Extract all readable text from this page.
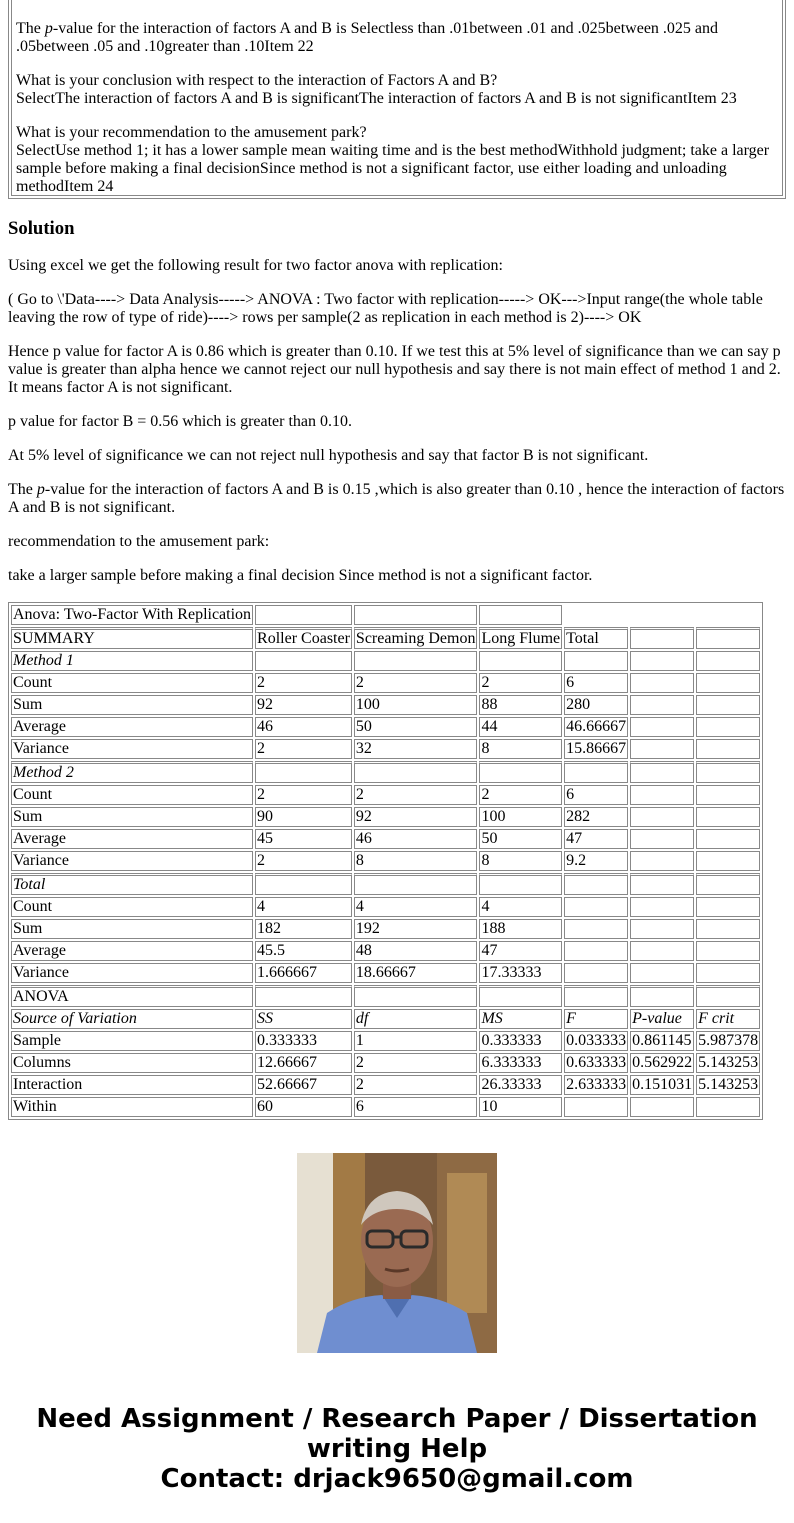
The p-value for the interaction of factors A and B is Selectless than .01between .01 and .025between .025 and .05between .05 and .10greater than .10Item 22

What is your conclusion with respect to the interaction of Factors A and B?
SelectThe interaction of factors A and B is significantThe interaction of factors A and B is not significantItem 23

What is your recommendation to the amusement park?
SelectUse method 1; it has a lower sample mean waiting time and is the best methodWithhold judgment; take a larger sample before making a final decisionSince method is not a significant factor, use either loading and unloading methodItem 24

Solution

Using excel we get the following result for two factor anova with replication:

( Go to \'Data----> Data Analysis-----> ANOVA : Two factor with replication-----> OK--->Input range(the whole table leaving the row of type of ride)----> rows per sample(2 as replication in each method is 2)----> OK

Hence p value for factor A is 0.86 which is greater than 0.10. If we test this at 5% level of significance than we can say p value is greater than alpha hence we cannot reject our null hypothesis and say there is not main effect of method 1 and 2. It means factor A is not significant.

p value for factor B = 0.56 which is greater than 0.10.

At 5% level of significance we can not reject null hypothesis and say that factor B is not significant.

The p-value for the interaction of factors A and B is 0.15 ,which is also greater than 0.10 , hence the interaction of factors A and B is not significant.

recommendation to the amusement park:

take a larger sample before making a final decision Since method is not a significant factor.

Anova: Two-Factor With Replication						
SUMMARY	Roller Coaster	Screaming Demon	Long Flume	Total		
Method 1						
Count	2	2	2	6		
Sum	92	100	88	280		
Average	46	50	44	46.66667		
Variance	2	32	8	15.86667		
Method 2						
Count	2	2	2	6		
Sum	90	92	100	282		
Average	45	46	50	47		
Variance	2	8	8	9.2		
Total						
Count	4	4	4			
Sum	182	192	188			
Average	45.5	48	47			
Variance	1.666667	18.66667	17.33333			
ANOVA						
Source of Variation	SS	df	MS	F	P-value	F crit
Sample	0.333333	1	0.333333	0.033333	0.861145	5.987378
Columns	12.66667	2	6.333333	0.633333	0.562922	5.143253
Interaction	52.66667	2	26.33333	2.633333	0.151031	5.143253
Within	60	6	10			
Need Assignment / Research Paper / Dissertation
writing Help
Contact: drjack9650@gmail.com
